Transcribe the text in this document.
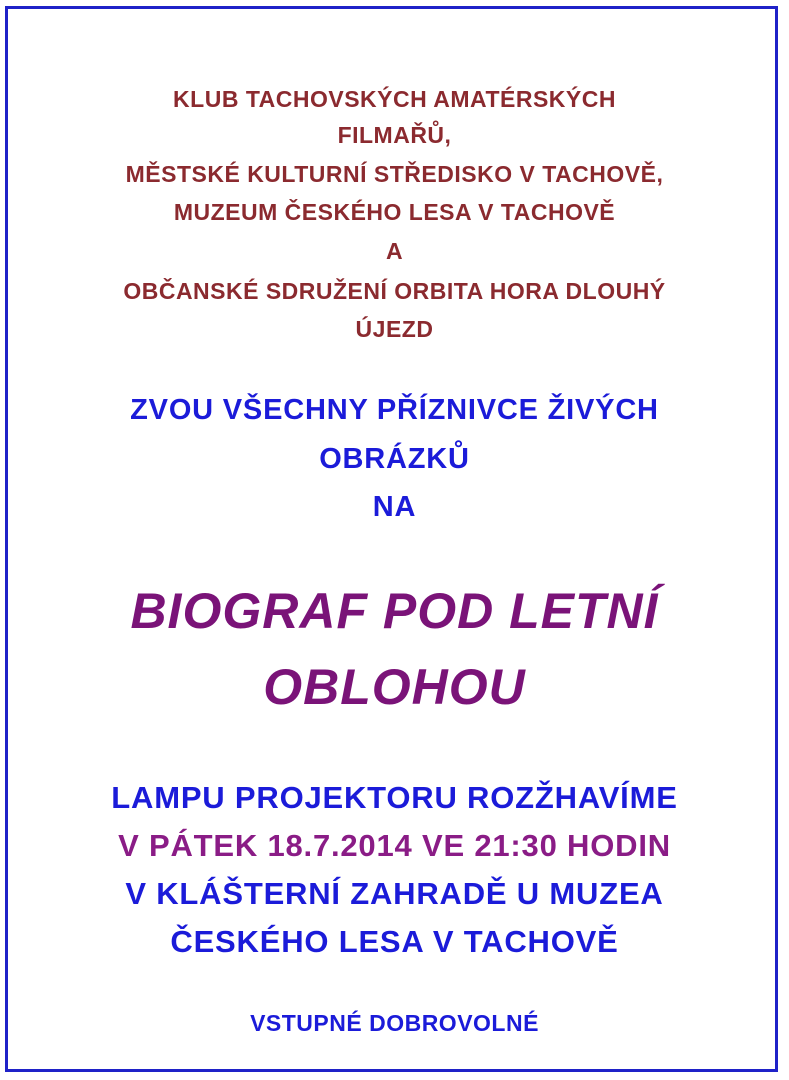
KLUB TACHOVSKÝCH AMATÉRSKÝCH

FILMAŘŮ,

MĚSTSKÉ KULTURNÍ STŘEDISKO V TACHOVĚ,

MUZEUM ČESKÉHO LESA V TACHOVĚ

A

OBČANSKÉ SDRUŽENÍ ORBITA HORA DLOUHÝ

ÚJEZD

ZVOU VŠECHNY PŘÍZNIVCE ŽIVÝCH

OBRÁZKŮ

NA

BIOGRAF POD LETNÍ

OBLOHOU

LAMPU PROJEKTORU ROZŽHAVÍME

V PÁTEK 18.7.2014 VE 21:30 HODIN

V KLÁŠTERNÍ ZAHRADĚ U MUZEA

ČESKÉHO LESA V TACHOVĚ

VSTUPNÉ DOBROVOLNÉ
